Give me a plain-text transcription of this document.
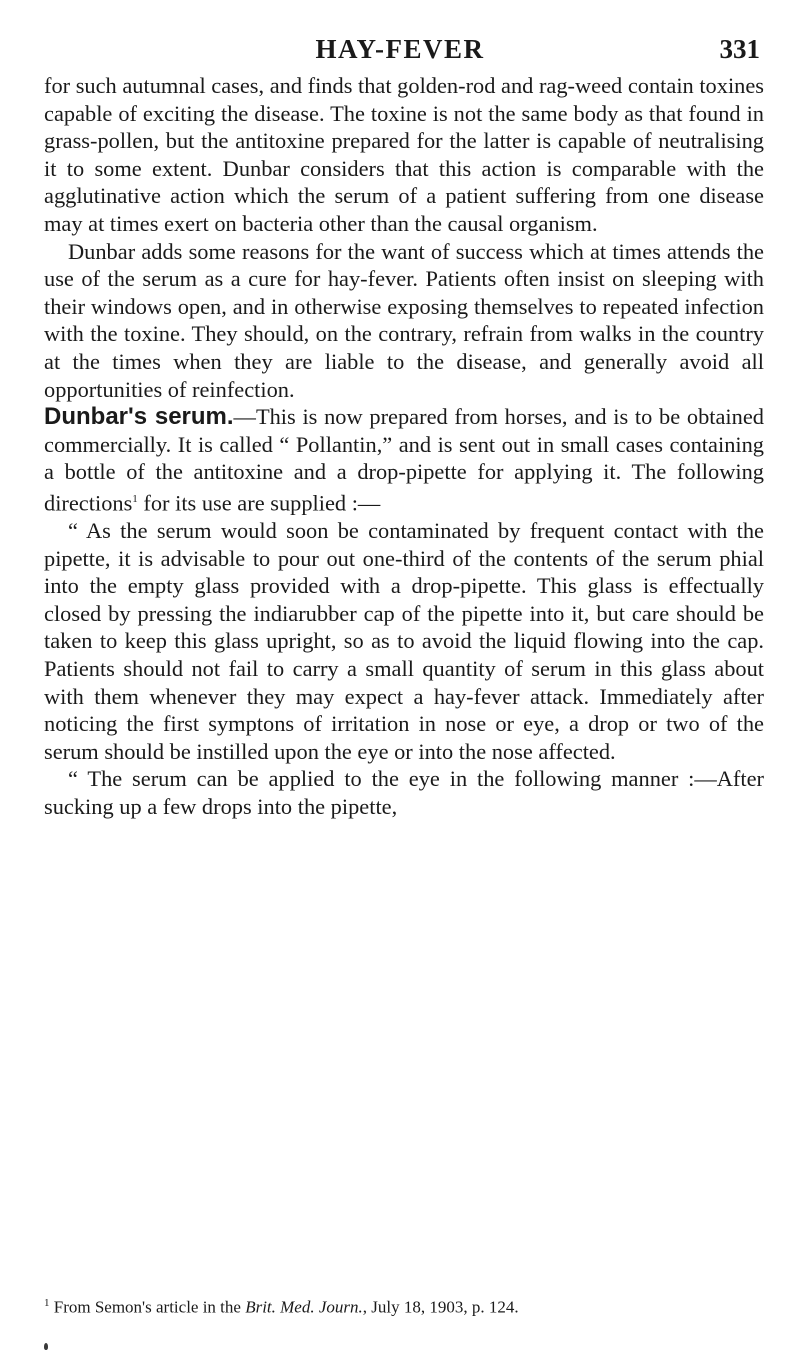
HAY-FEVER	331

for such autumnal cases, and finds that golden-rod and rag-weed contain toxines capable of exciting the disease. The toxine is not the same body as that found in grass-pollen, but the antitoxine prepared for the latter is capable of neutralising it to some extent. Dunbar considers that this action is comparable with the agglutinative action which the serum of a patient suffering from one disease may at times exert on bacteria other than the causal organism.

Dunbar adds some reasons for the want of success which at times attends the use of the serum as a cure for hay-fever. Patients often insist on sleeping with their windows open, and in otherwise exposing themselves to repeated infection with the toxine. They should, on the contrary, refrain from walks in the country at the times when they are liable to the disease, and generally avoid all opportunities of reinfection.

Dunbar's serum.—This is now prepared from horses, and is to be obtained commercially. It is called “ Pollantin,” and is sent out in small cases containing a bottle of the antitoxine and a drop-pipette for applying it. The following directions$^1$ for its use are supplied :—

“ As the serum would soon be contaminated by frequent contact with the pipette, it is advisable to pour out one-third of the contents of the serum phial into the empty glass provided with a drop-pipette. This glass is effectually closed by pressing the indiarubber cap of the pipette into it, but care should be taken to keep this glass upright, so as to avoid the liquid flowing into the cap. Patients should not fail to carry a small quantity of serum in this glass about with them whenever they may expect a hay-fever attack. Immediately after noticing the first symptons of irritation in nose or eye, a drop or two of the serum should be instilled upon the eye or into the nose affected.

“ The serum can be applied to the eye in the following manner :—After sucking up a few drops into the pipette,

$^1$ From Semon's article in the Brit. Med. Journ., July 18, 1903, p. 124.
